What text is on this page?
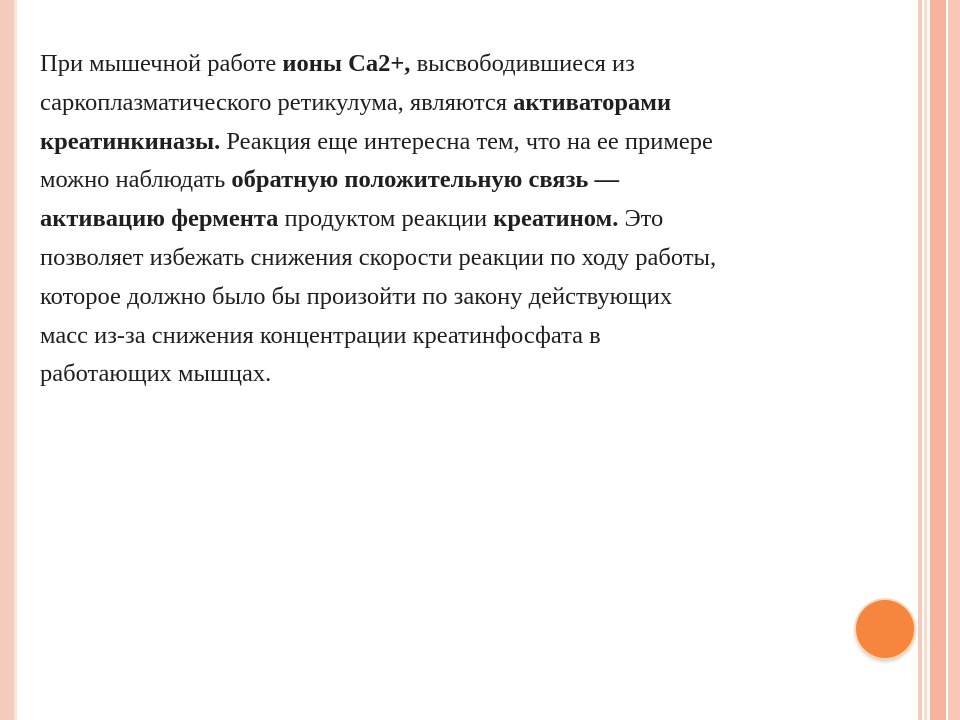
При мышечной работе ионы Са2+, высвободившиеся из

саркоплазматического ретикулума, являются активаторами

креатинкиназы. Реакция еще интересна тем, что на ее примере

можно наблюдать обратную положительную связь —

активацию фермента продуктом реакции креатином. Это

позволяет избежать снижения скорости реакции по ходу работы,

которое должно было бы произойти по закону действующих

масс из-за снижения концентрации креатинфосфата в

работающих мышцах.
